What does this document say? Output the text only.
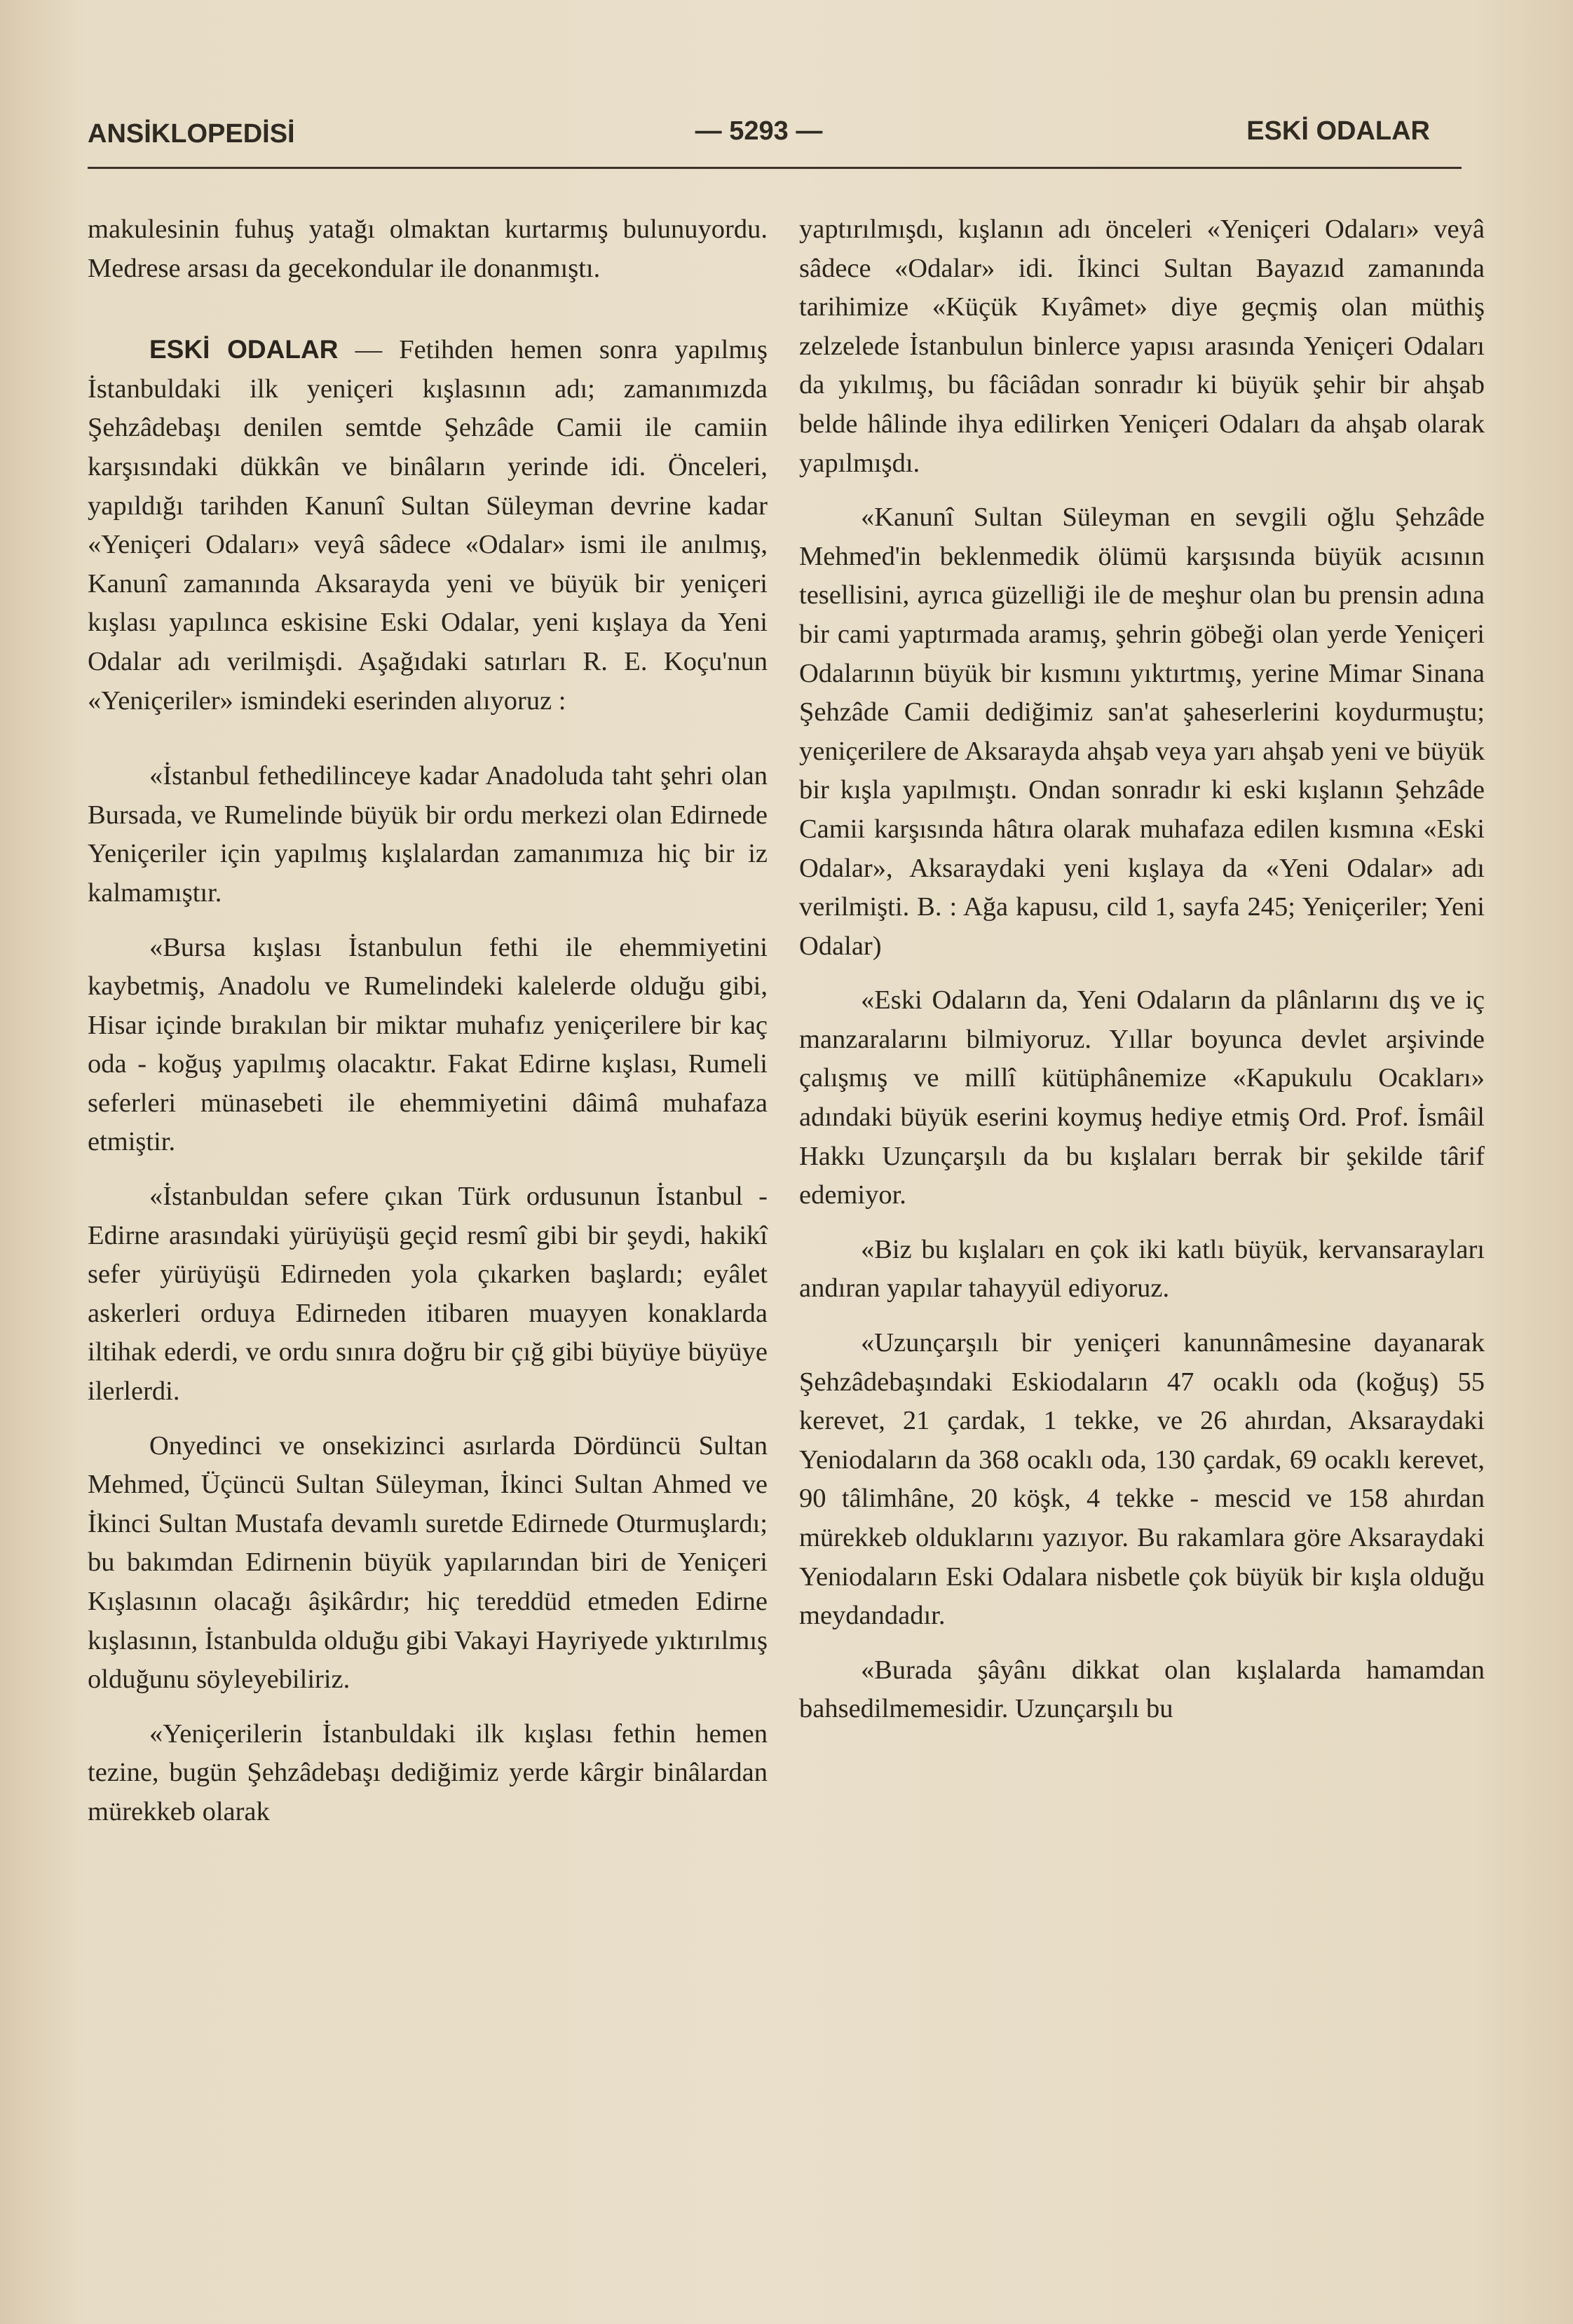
ANSİKLOPEDİSİ	— 5293 —	ESKİ ODALAR

makulesinin fuhuş yatağı olmaktan kurtarmış bulunuyordu. Medrese arsası da gecekondular ile donanmıştı.

ESKİ ODALAR — Fetihden hemen sonra yapılmış İstanbuldaki ilk yeniçeri kışlasının adı; zamanımızda Şehzâdebaşı denilen semtde Şehzâde Camii ile camiin karşısındaki dükkân ve binâların yerinde idi. Önceleri, yapıldığı tarihden Kanunî Sultan Süleyman devrine kadar «Yeniçeri Odaları» veyâ sâdece «Odalar» ismi ile anılmış, Kanunî zamanında Aksarayda yeni ve büyük bir yeniçeri kışlası yapılınca eskisine Eski Odalar, yeni kışlaya da Yeni Odalar adı verilmişdi. Aşağıdaki satırları R. E. Koçu'nun «Yeniçeriler» ismindeki eserinden alıyoruz :

«İstanbul fethedilinceye kadar Anadoluda taht şehri olan Bursada, ve Rumelinde büyük bir ordu merkezi olan Edirnede Yeniçeriler için yapılmış kışlalardan zamanımıza hiç bir iz kalmamıştır.

«Bursa kışlası İstanbulun fethi ile ehemmiyetini kaybetmiş, Anadolu ve Rumelindeki kalelerde olduğu gibi, Hisar içinde bırakılan bir miktar muhafız yeniçerilere bir kaç oda - koğuş yapılmış olacaktır. Fakat Edirne kışlası, Rumeli seferleri münasebeti ile ehemmiyetini dâimâ muhafaza etmiştir.

«İstanbuldan sefere çıkan Türk ordusunun İstanbul - Edirne arasındaki yürüyüşü geçid resmî gibi bir şeydi, hakikî sefer yürüyüşü Edirneden yola çıkarken başlardı; eyâlet askerleri orduya Edirneden itibaren muayyen konaklarda iltihak ederdi, ve ordu sınıra doğru bir çığ gibi büyüye büyüye ilerlerdi.

Onyedinci ve onsekizinci asırlarda Dördüncü Sultan Mehmed, Üçüncü Sultan Süleyman, İkinci Sultan Ahmed ve İkinci Sultan Mustafa devamlı suretde Edirnede Oturmuşlardı; bu bakımdan Edirnenin büyük yapılarından biri de Yeniçeri Kışlasının olacağı âşikârdır; hiç tereddüd etmeden Edirne kışlasının, İstanbulda olduğu gibi Vakayi Hayriyede yıktırılmış olduğunu söyleyebiliriz.

«Yeniçerilerin İstanbuldaki ilk kışlası fethin hemen tezine, bugün Şehzâdebaşı dediğimiz yerde kârgir binâlardan mürekkeb olarak

yaptırılmışdı, kışlanın adı önceleri «Yeniçeri Odaları» veyâ sâdece «Odalar» idi. İkinci Sultan Bayazıd zamanında tarihimize «Küçük Kıyâmet» diye geçmiş olan müthiş zelzelede İstanbulun binlerce yapısı arasında Yeniçeri Odaları da yıkılmış, bu fâciâdan sonradır ki büyük şehir bir ahşab belde hâlinde ihya edilirken Yeniçeri Odaları da ahşab olarak yapılmışdı.

«Kanunî Sultan Süleyman en sevgili oğlu Şehzâde Mehmed'in beklenmedik ölümü karşısında büyük acısının tesellisini, ayrıca güzelliği ile de meşhur olan bu prensin adına bir cami yaptırmada aramış, şehrin göbeği olan yerde Yeniçeri Odalarının büyük bir kısmını yıktırtmış, yerine Mimar Sinana Şehzâde Camii dediğimiz san'at şaheserlerini koydurmuştu; yeniçerilere de Aksarayda ahşab veya yarı ahşab yeni ve büyük bir kışla yapılmıştı. Ondan sonradır ki eski kışlanın Şehzâde Camii karşısında hâtıra olarak muhafaza edilen kısmına «Eski Odalar», Aksaraydaki yeni kışlaya da «Yeni Odalar» adı verilmişti. B. : Ağa kapusu, cild 1, sayfa 245; Yeniçeriler; Yeni Odalar)

«Eski Odaların da, Yeni Odaların da plânlarını dış ve iç manzaralarını bilmiyoruz. Yıllar boyunca devlet arşivinde çalışmış ve millî kütüphânemize «Kapukulu Ocakları» adındaki büyük eserini koymuş hediye etmiş Ord. Prof. İsmâil Hakkı Uzunçarşılı da bu kışlaları berrak bir şekilde târif edemiyor.

«Biz bu kışlaları en çok iki katlı büyük, kervansarayları andıran yapılar tahayyül ediyoruz.

«Uzunçarşılı bir yeniçeri kanunnâmesine dayanarak Şehzâdebaşındaki Eskiodaların 47 ocaklı oda (koğuş) 55 kerevet, 21 çardak, 1 tekke, ve 26 ahırdan, Aksaraydaki Yeniodaların da 368 ocaklı oda, 130 çardak, 69 ocaklı kerevet, 90 tâlimhâne, 20 köşk, 4 tekke - mescid ve 158 ahırdan mürekkeb olduklarını yazıyor. Bu rakamlara göre Aksaraydaki Yeniodaların Eski Odalara nisbetle çok büyük bir kışla olduğu meydandadır.

«Burada şâyânı dikkat olan kışlalarda hamamdan bahsedilmemesidir. Uzunçarşılı bu
